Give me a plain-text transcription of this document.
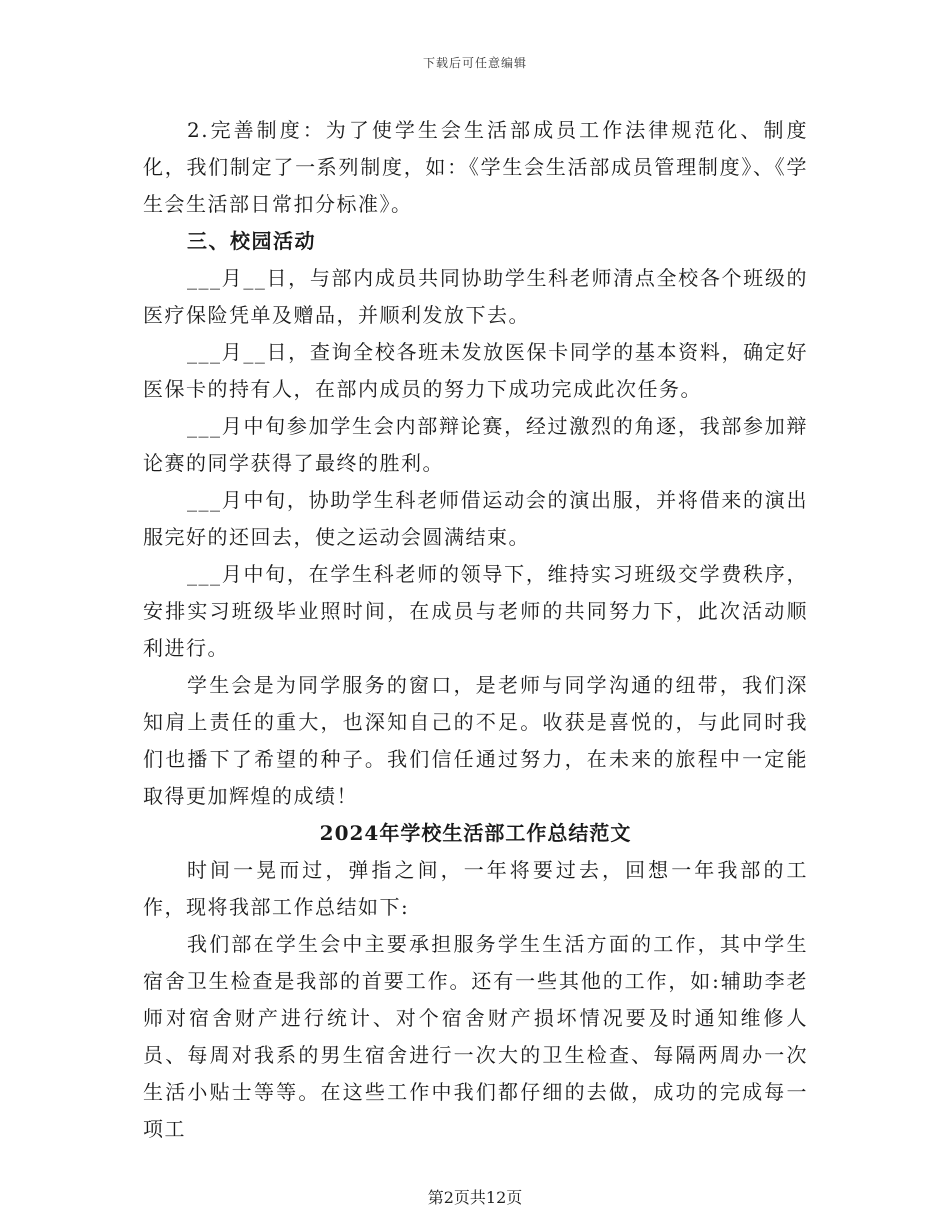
下载后可任意编辑

2.完善制度：为了使学生会生活部成员工作法律规范化、制度化，我们制定了一系列制度，如：《学生会生活部成员管理制度》、《学生会生活部日常扣分标准》。

三、校园活动

___月__日，与部内成员共同协助学生科老师清点全校各个班级的医疗保险凭单及赠品，并顺利发放下去。

___月__日，查询全校各班未发放医保卡同学的基本资料，确定好医保卡的持有人，在部内成员的努力下成功完成此次任务。

___月中旬参加学生会内部辩论赛，经过激烈的角逐，我部参加辩论赛的同学获得了最终的胜利。

___月中旬，协助学生科老师借运动会的演出服，并将借来的演出服完好的还回去，使之运动会圆满结束。

___月中旬，在学生科老师的领导下，维持实习班级交学费秩序，安排实习班级毕业照时间，在成员与老师的共同努力下，此次活动顺利进行。

学生会是为同学服务的窗口，是老师与同学沟通的纽带，我们深知肩上责任的重大，也深知自己的不足。收获是喜悦的，与此同时我们也播下了希望的种子。我们信任通过努力，在未来的旅程中一定能取得更加辉煌的成绩！

2024年学校生活部工作总结范文

时间一晃而过，弹指之间，一年将要过去，回想一年我部的工作，现将我部工作总结如下:

我们部在学生会中主要承担服务学生生活方面的工作，其中学生宿舍卫生检查是我部的首要工作。还有一些其他的工作，如:辅助李老师对宿舍财产进行统计、对个宿舍财产损坏情况要及时通知维修人员、每周对我系的男生宿舍进行一次大的卫生检查、每隔两周办一次生活小贴士等等。在这些工作中我们都仔细的去做，成功的完成每一项工

第2页共12页
